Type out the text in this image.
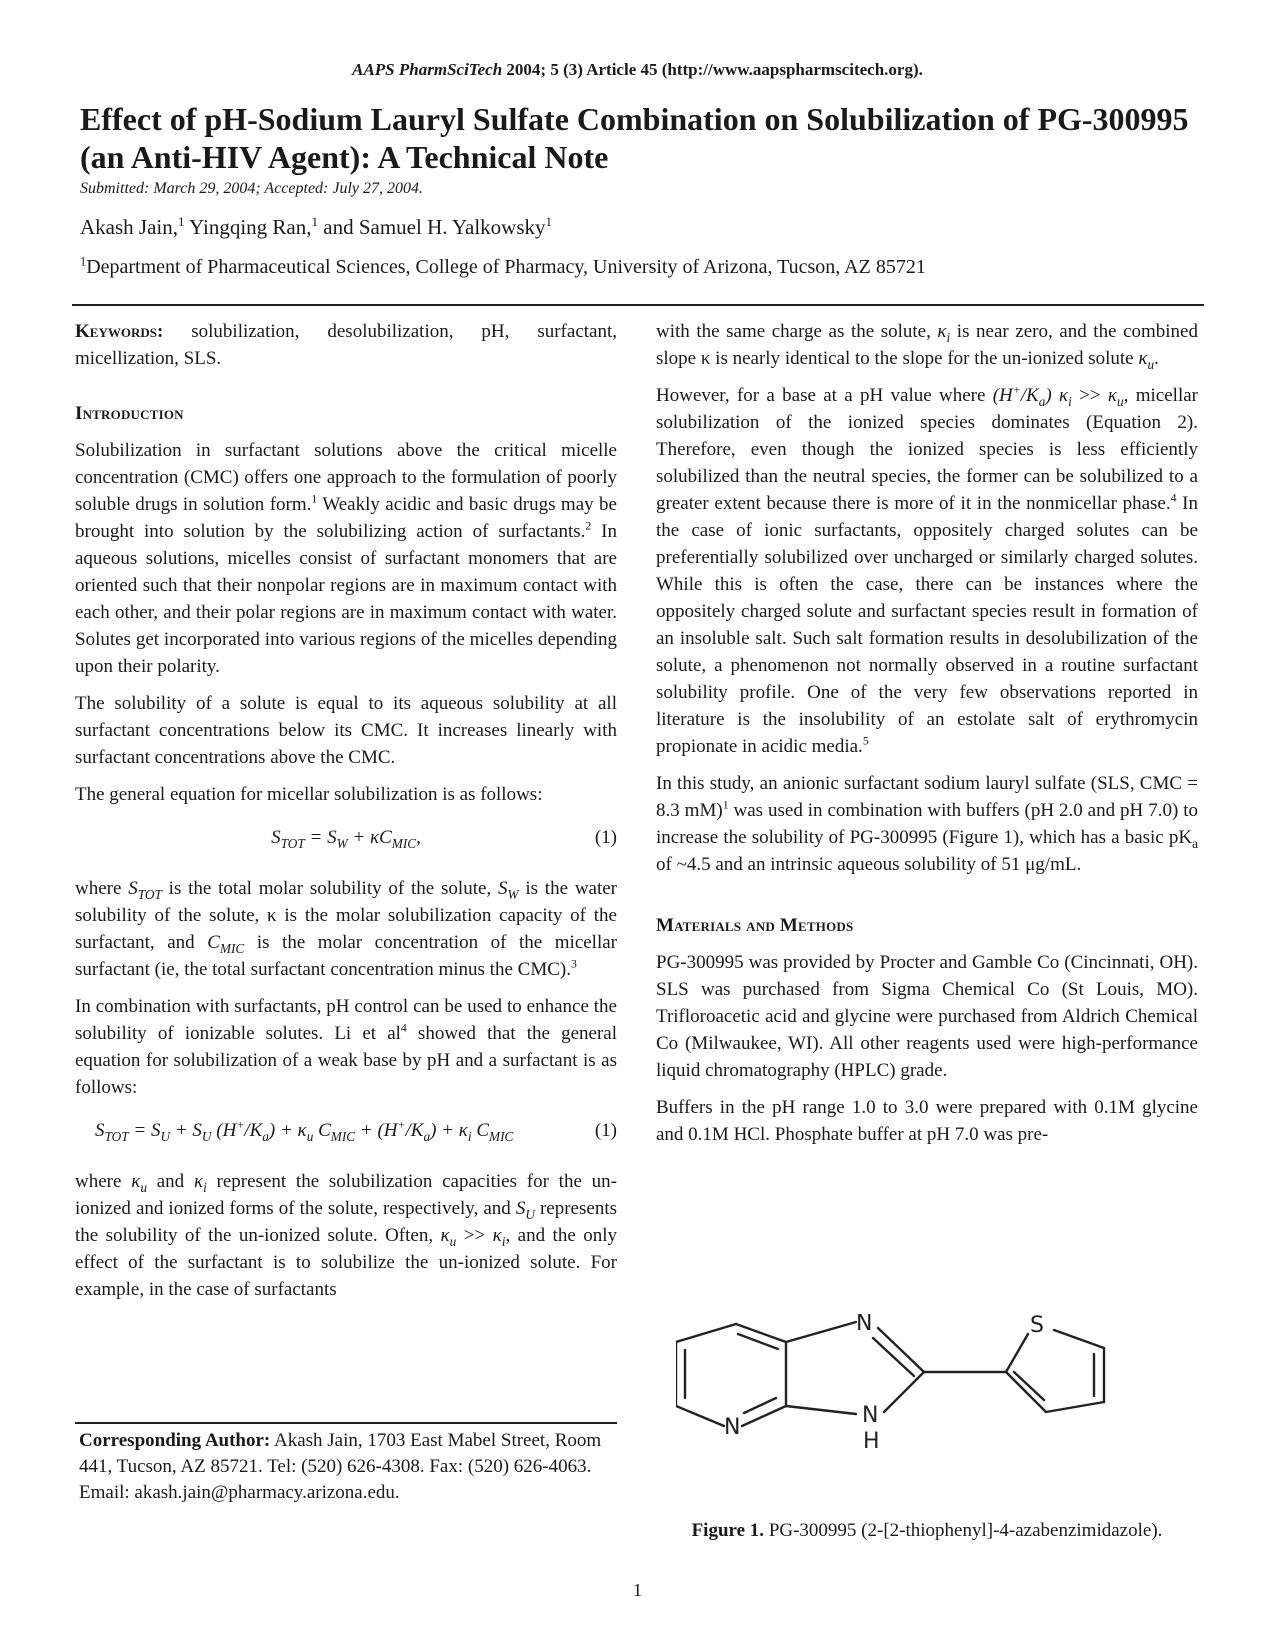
AAPS PharmSciTech 2004; 5 (3) Article 45 (http://www.aapspharmscitech.org).
Effect of pH-Sodium Lauryl Sulfate Combination on Solubilization of PG-300995 (an Anti-HIV Agent): A Technical Note
Submitted: March 29, 2004; Accepted: July 27, 2004.
Akash Jain,$^1$ Yingqing Ran,$^1$ and Samuel H. Yalkowsky$^1$
$^1$Department of Pharmaceutical Sciences, College of Pharmacy, University of Arizona, Tucson, AZ 85721

Keywords: solubilization, desolubilization, pH, surfactant, micellization, SLS.

Introduction

Solubilization in surfactant solutions above the critical micelle concentration (CMC) offers one approach to the formulation of poorly soluble drugs in solution form.$^1$ Weakly acidic and basic drugs may be brought into solution by the solubilizing action of surfactants.$^2$ In aqueous solutions, micelles consist of surfactant monomers that are oriented such that their nonpolar regions are in maximum contact with each other, and their polar regions are in maximum contact with water. Solutes get incorporated into various regions of the micelles depending upon their polarity.

The solubility of a solute is equal to its aqueous solubility at all surfactant concentrations below its CMC. It increases linearly with surfactant concentrations above the CMC.

The general equation for micellar solubilization is as follows:

$S_{TOT} = S_W + \kappa C_{MIC}$,	(1)

where $S_{TOT}$ is the total molar solubility of the solute, $S_W$ is the water solubility of the solute, κ is the molar solubilization capacity of the surfactant, and $C_{MIC}$ is the molar concentration of the micellar surfactant (ie, the total surfactant concentration minus the CMC).$^3$

In combination with surfactants, pH control can be used to enhance the solubility of ionizable solutes. Li et $al^4$ showed that the general equation for solubilization of a weak base by pH and a surfactant is as follows:

$S_{TOT} = S_U + S_U$ $(H^+/K_a) + \kappa_u$ $C_{MIC} + (H^+/K_a) + \kappa_i$ $C_{MIC}$	(1)

where $\kappa_u$ and $\kappa_i$ represent the solubilization capacities for the un-ionized and ionized forms of the solute, respectively, and $S_U$ represents the solubility of the un-ionized solute. Often, $\kappa_u >> \kappa_i$, and the only effect of the surfactant is to solubilize the un-ionized solute. For example, in the case of surfactants

Corresponding Author: Akash Jain, 1703 East Mabel Street, Room 441, Tucson, AZ 85721. Tel: (520) 626-4308. Fax: (520) 626-4063. Email: akash.jain@pharmacy.arizona.edu.

with the same charge as the solute, $\kappa_i$ is near zero, and the combined slope κ is nearly identical to the slope for the un-ionized solute $\kappa_u$.

However, for a base at a pH value where $(H^+/K_a) \kappa_i >> \kappa_u$, micellar solubilization of the ionized species dominates (Equation 2). Therefore, even though the ionized species is less efficiently solubilized than the neutral species, the former can be solubilized to a greater extent because there is more of it in the nonmicellar phase.$^4$ In the case of ionic surfactants, oppositely charged solutes can be preferentially solubilized over uncharged or similarly charged solutes. While this is often the case, there can be instances where the oppositely charged solute and surfactant species result in formation of an insoluble salt. Such salt formation results in desolubilization of the solute, a phenomenon not normally observed in a routine surfactant solubility profile. One of the very few observations reported in literature is the insolubility of an estolate salt of erythromycin propionate in acidic media.$^5$

In this study, an anionic surfactant sodium lauryl sulfate (SLS, CMC = 8.3 mM)$^1$ was used in combination with buffers (pH 2.0 and pH 7.0) to increase the solubility of PG-300995 (Figure 1), which has a basic $pK_a$ of ~4.5 and an intrinsic aqueous solubility of 51 μg/mL.

Materials and Methods

PG-300995 was provided by Procter and Gamble Co (Cincinnati, OH). SLS was purchased from Sigma Chemical Co (St Louis, MO). Trifloroacetic acid and glycine were purchased from Aldrich Chemical Co (Milwaukee, WI). All other reagents used were high-performance liquid chromatography (HPLC) grade.

Buffers in the pH range 1.0 to 3.0 were prepared with 0.1M glycine and 0.1M HCl. Phosphate buffer at pH 7.0 was pre-

N
N	N
H
S
Figure 1. PG-300995 (2-[2-thiophenyl]-4-azabenzimidazole).
1
